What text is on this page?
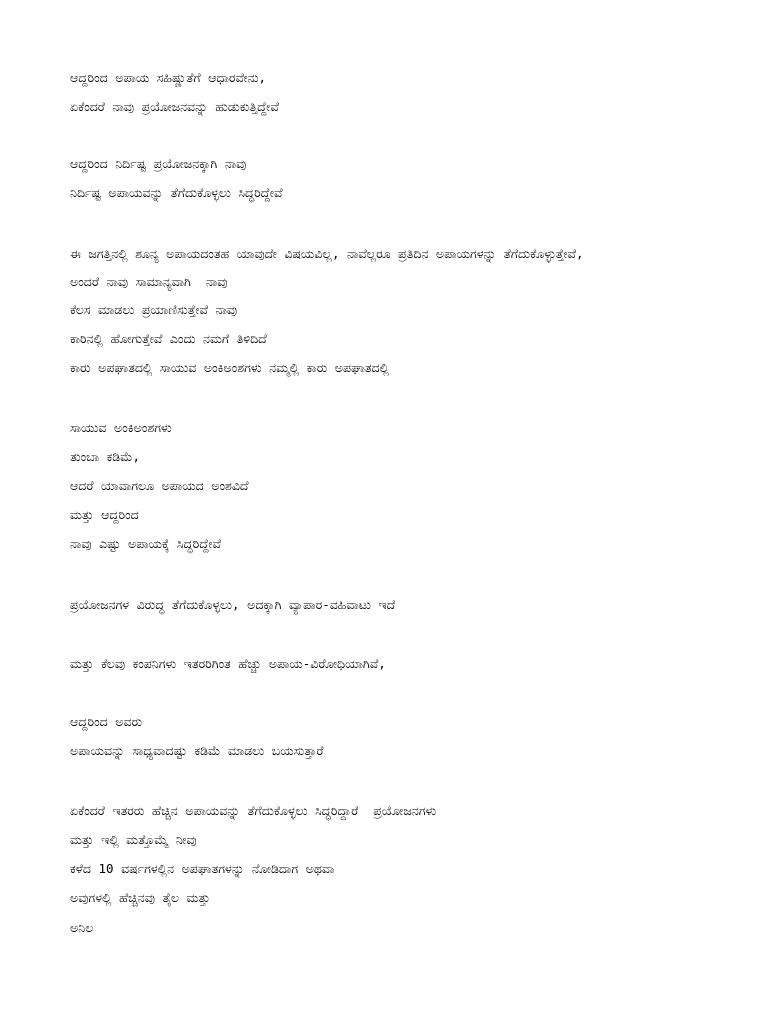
ಆದ್ದರಿಂದ ಅಪಾಯ ಸಹಿಷ್ಣುತೆಗೆ ಆಧಾರವೇನು,
ಏಕೆಂದರೆ ನಾವು ಪ್ರಯೋಜನವನ್ನು ಹುಡುಕುತ್ತಿದ್ದೇವೆ
ಆದ್ದರಿಂದ ನಿರ್ದಿಷ್ಟ ಪ್ರಯೋಜನಕ್ಕಾಗಿ ನಾವು
ನಿರ್ದಿಷ್ಟ ಅಪಾಯವನ್ನು ತೆಗೆದುಕೊಳ್ಳಲು ಸಿದ್ಧರಿದ್ದೇವೆ
ಈ ಜಗತ್ತಿನಲ್ಲಿ ಶೂನ್ಯ ಅಪಾಯದಂತಹ ಯಾವುದೇ ವಿಷಯವಿಲ್ಲ, ನಾವೆಲ್ಲರೂ ಪ್ರತಿದಿನ ಅಪಾಯಗಳನ್ನು ತೆಗೆದುಕೊಳ್ಳುತ್ತೇವೆ,
ಅಂದರೆ ನಾವು ಸಾಮಾನ್ಯವಾಗಿ  ನಾವು
ಕೆಲಸ ಮಾಡಲು ಪ್ರಯಾಣಿಸುತ್ತೇವೆ ನಾವು
ಕಾರಿನಲ್ಲಿ ಹೋಗುತ್ತೇವೆ ಎಂದು ನಮಗೆ ತಿಳಿದಿದೆ
ಕಾರು ಅಪಘಾತದಲ್ಲಿ ಸಾಯುವ ಅಂಕಿಅಂಶಗಳು ನಮ್ಮಲ್ಲಿ ಕಾರು ಅಪಘಾತದಲ್ಲಿ
ಸಾಯುವ ಅಂಕಿಅಂಶಗಳು
ತುಂಬಾ ಕಡಿಮೆ,
ಆದರೆ ಯಾವಾಗಲೂ ಅಪಾಯದ ಅಂಶವಿದೆ
ಮತ್ತು ಆದ್ದರಿಂದ
ನಾವು ಎಷ್ಟು ಅಪಾಯಕ್ಕೆ ಸಿದ್ಧರಿದ್ದೇವೆ
ಪ್ರಯೋಜನಗಳ ವಿರುದ್ಧ ತೆಗೆದುಕೊಳ್ಳಲು, ಅದಕ್ಕಾಗಿ ವ್ಯಾಪಾರ-ವಹಿವಾಟು ಇದೆ
ಮತ್ತು ಕೆಲವು ಕಂಪನಿಗಳು ಇತರರಿಗಿಂತ ಹೆಚ್ಚು ಅಪಾಯ-ವಿರೋಧಿಯಾಗಿವೆ,
ಆದ್ದರಿಂದ ಅವರು
ಅಪಾಯವನ್ನು ಸಾಧ್ಯವಾದಷ್ಟು ಕಡಿಮೆ ಮಾಡಲು ಬಯಸುತ್ತಾರೆ
ಏಕೆಂದರೆ ಇತರರು ಹೆಚ್ಚಿನ ಅಪಾಯವನ್ನು ತೆಗೆದುಕೊಳ್ಳಲು ಸಿದ್ಧರಿದ್ದಾರೆ  ಪ್ರಯೋಜನಗಳು
ಮತ್ತು ಇಲ್ಲಿ ಮತ್ತೊಮ್ಮೆ ನೀವು
ಕಳೆದ 10 ವರ್ಷಗಳಲ್ಲಿನ ಅಪಘಾತಗಳನ್ನು ನೋಡಿದಾಗ ಅಥವಾ
ಅವುಗಳಲ್ಲಿ ಹೆಚ್ಚಿನವು ತೈಲ ಮತ್ತು
ಅನಿಲ
